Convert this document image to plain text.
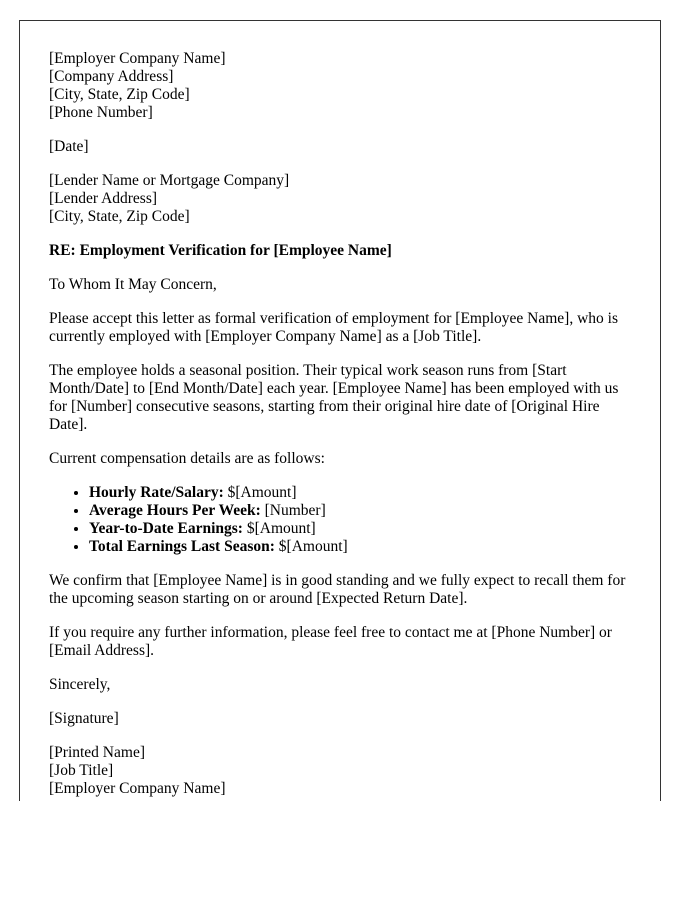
[Employer Company Name]
[Company Address]
[City, State, Zip Code]
[Phone Number]

[Date]

[Lender Name or Mortgage Company]
[Lender Address]
[City, State, Zip Code]

RE: Employment Verification for [Employee Name]

To Whom It May Concern,

Please accept this letter as formal verification of employment for [Employee Name], who is currently employed with [Employer Company Name] as a [Job Title].

The employee holds a seasonal position. Their typical work season runs from [Start Month/Date] to [End Month/Date] each year. [Employee Name] has been employed with us for [Number] consecutive seasons, starting from their original hire date of [Original Hire Date].

Current compensation details are as follows:

• Hourly Rate/Salary: $[Amount]
• Average Hours Per Week: [Number]
• Year-to-Date Earnings: $[Amount]
• Total Earnings Last Season: $[Amount]

We confirm that [Employee Name] is in good standing and we fully expect to recall them for the upcoming season starting on or around [Expected Return Date].

If you require any further information, please feel free to contact me at [Phone Number] or [Email Address].

Sincerely,

[Signature]

[Printed Name]
[Job Title]
[Employer Company Name]
